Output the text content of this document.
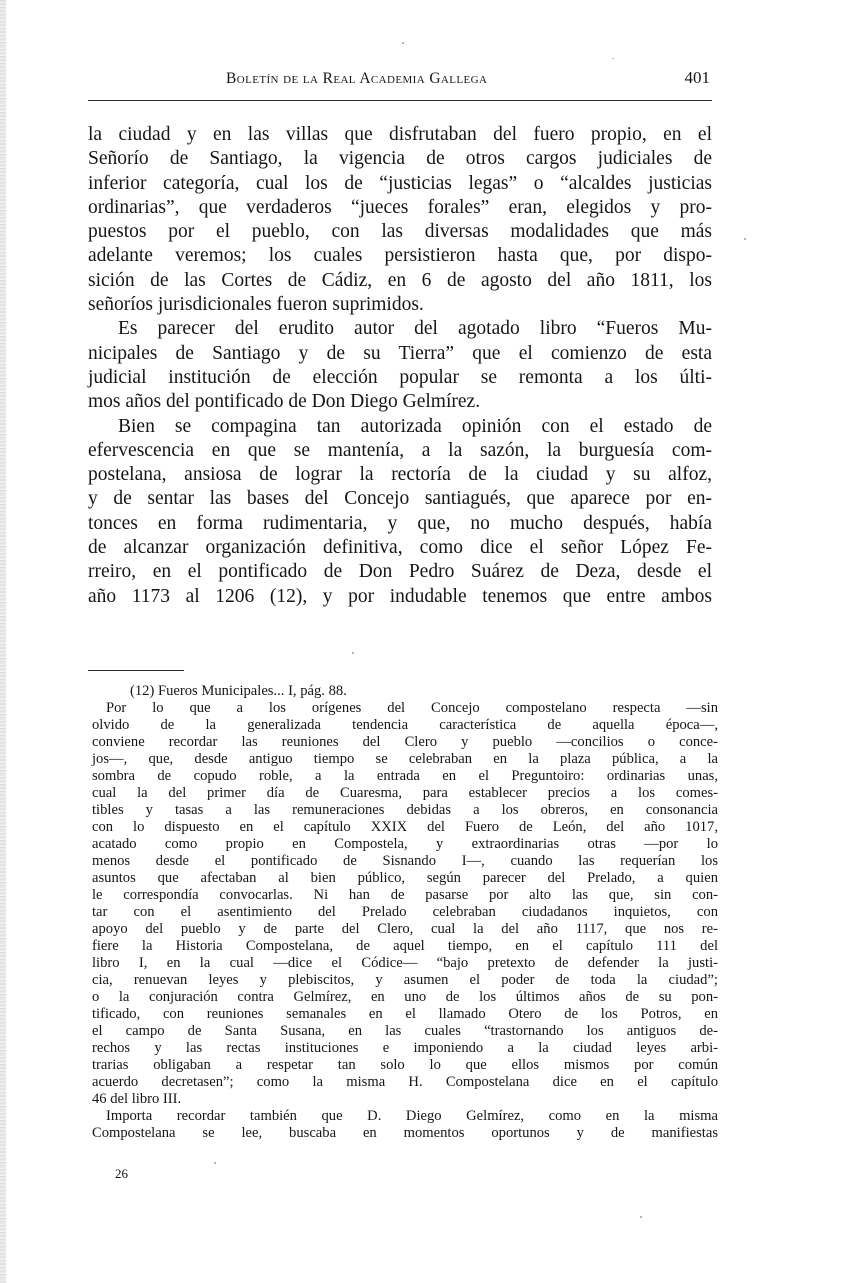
Boletín de la Real Academia Gallega	401
la ciudad y en las villas que disfrutaban del fuero propio, en el
Señorío de Santiago, la vigencia de otros cargos judiciales de
inferior categoría, cual los de “justicias legas” o “alcaldes justicias
ordinarias”, que verdaderos “jueces forales” eran, elegidos y pro-
puestos por el pueblo, con las diversas modalidades que más
adelante veremos; los cuales persistieron hasta que, por dispo-
sición de las Cortes de Cádiz, en 6 de agosto del año 1811, los
señoríos jurisdicionales fueron suprimidos.
Es parecer del erudito autor del agotado libro “Fueros Mu-
nicipales de Santiago y de su Tierra” que el comienzo de esta
judicial institución de elección popular se remonta a los últi-
mos años del pontificado de Don Diego Gelmírez.
Bien se compagina tan autorizada opinión con el estado de
efervescencia en que se mantenía, a la sazón, la burguesía com-
postelana, ansiosa de lograr la rectoría de la ciudad y su alfoz,
y de sentar las bases del Concejo santiagués, que aparece por en-
tonces en forma rudimentaria, y que, no mucho después, había
de alcanzar organización definitiva, como dice el señor López Fe-
rreiro, en el pontificado de Don Pedro Suárez de Deza, desde el
año 1173 al 1206 (12), y por indudable tenemos que entre ambos
(12) Fueros Municipales... I, pág. 88.
Por lo que a los orígenes del Concejo compostelano respecta —sin
olvido de la generalizada tendencia característica de aquella época—,
conviene recordar las reuniones del Clero y pueblo —concilios o conce-
jos—, que, desde antiguo tiempo se celebraban en la plaza pública, a la
sombra de copudo roble, a la entrada en el Preguntoiro: ordinarias unas,
cual la del primer día de Cuaresma, para establecer precios a los comes-
tibles y tasas a las remuneraciones debidas a los obreros, en consonancia
con lo dispuesto en el capítulo XXIX del Fuero de León, del año 1017,
acatado como propio en Compostela, y extraordinarias otras —por lo
menos desde el pontificado de Sisnando I—, cuando las requerían los
asuntos que afectaban al bien público, según parecer del Prelado, a quien
le correspondía convocarlas. Ni han de pasarse por alto las que, sin con-
tar con el asentimiento del Prelado celebraban ciudadanos inquietos, con
apoyo del pueblo y de parte del Clero, cual la del año 1117, que nos re-
fiere la Historia Compostelana, de aquel tiempo, en el capítulo 111 del
libro I, en la cual —dice el Códice— “bajo pretexto de defender la justi-
cia, renuevan leyes y plebiscitos, y asumen el poder de toda la ciudad”;
o la conjuración contra Gelmírez, en uno de los últimos años de su pon-
tificado, con reuniones semanales en el llamado Otero de los Potros, en
el campo de Santa Susana, en las cuales “trastornando los antiguos de-
rechos y las rectas instituciones e imponiendo a la ciudad leyes arbi-
trarias obligaban a respetar tan solo lo que ellos mismos por común
acuerdo decretasen”; como la misma H. Compostelana dice en el capítulo
46 del libro III.
Importa recordar también que D. Diego Gelmírez, como en la misma
Compostelana se lee, buscaba en momentos oportunos y de manifiestas
26
